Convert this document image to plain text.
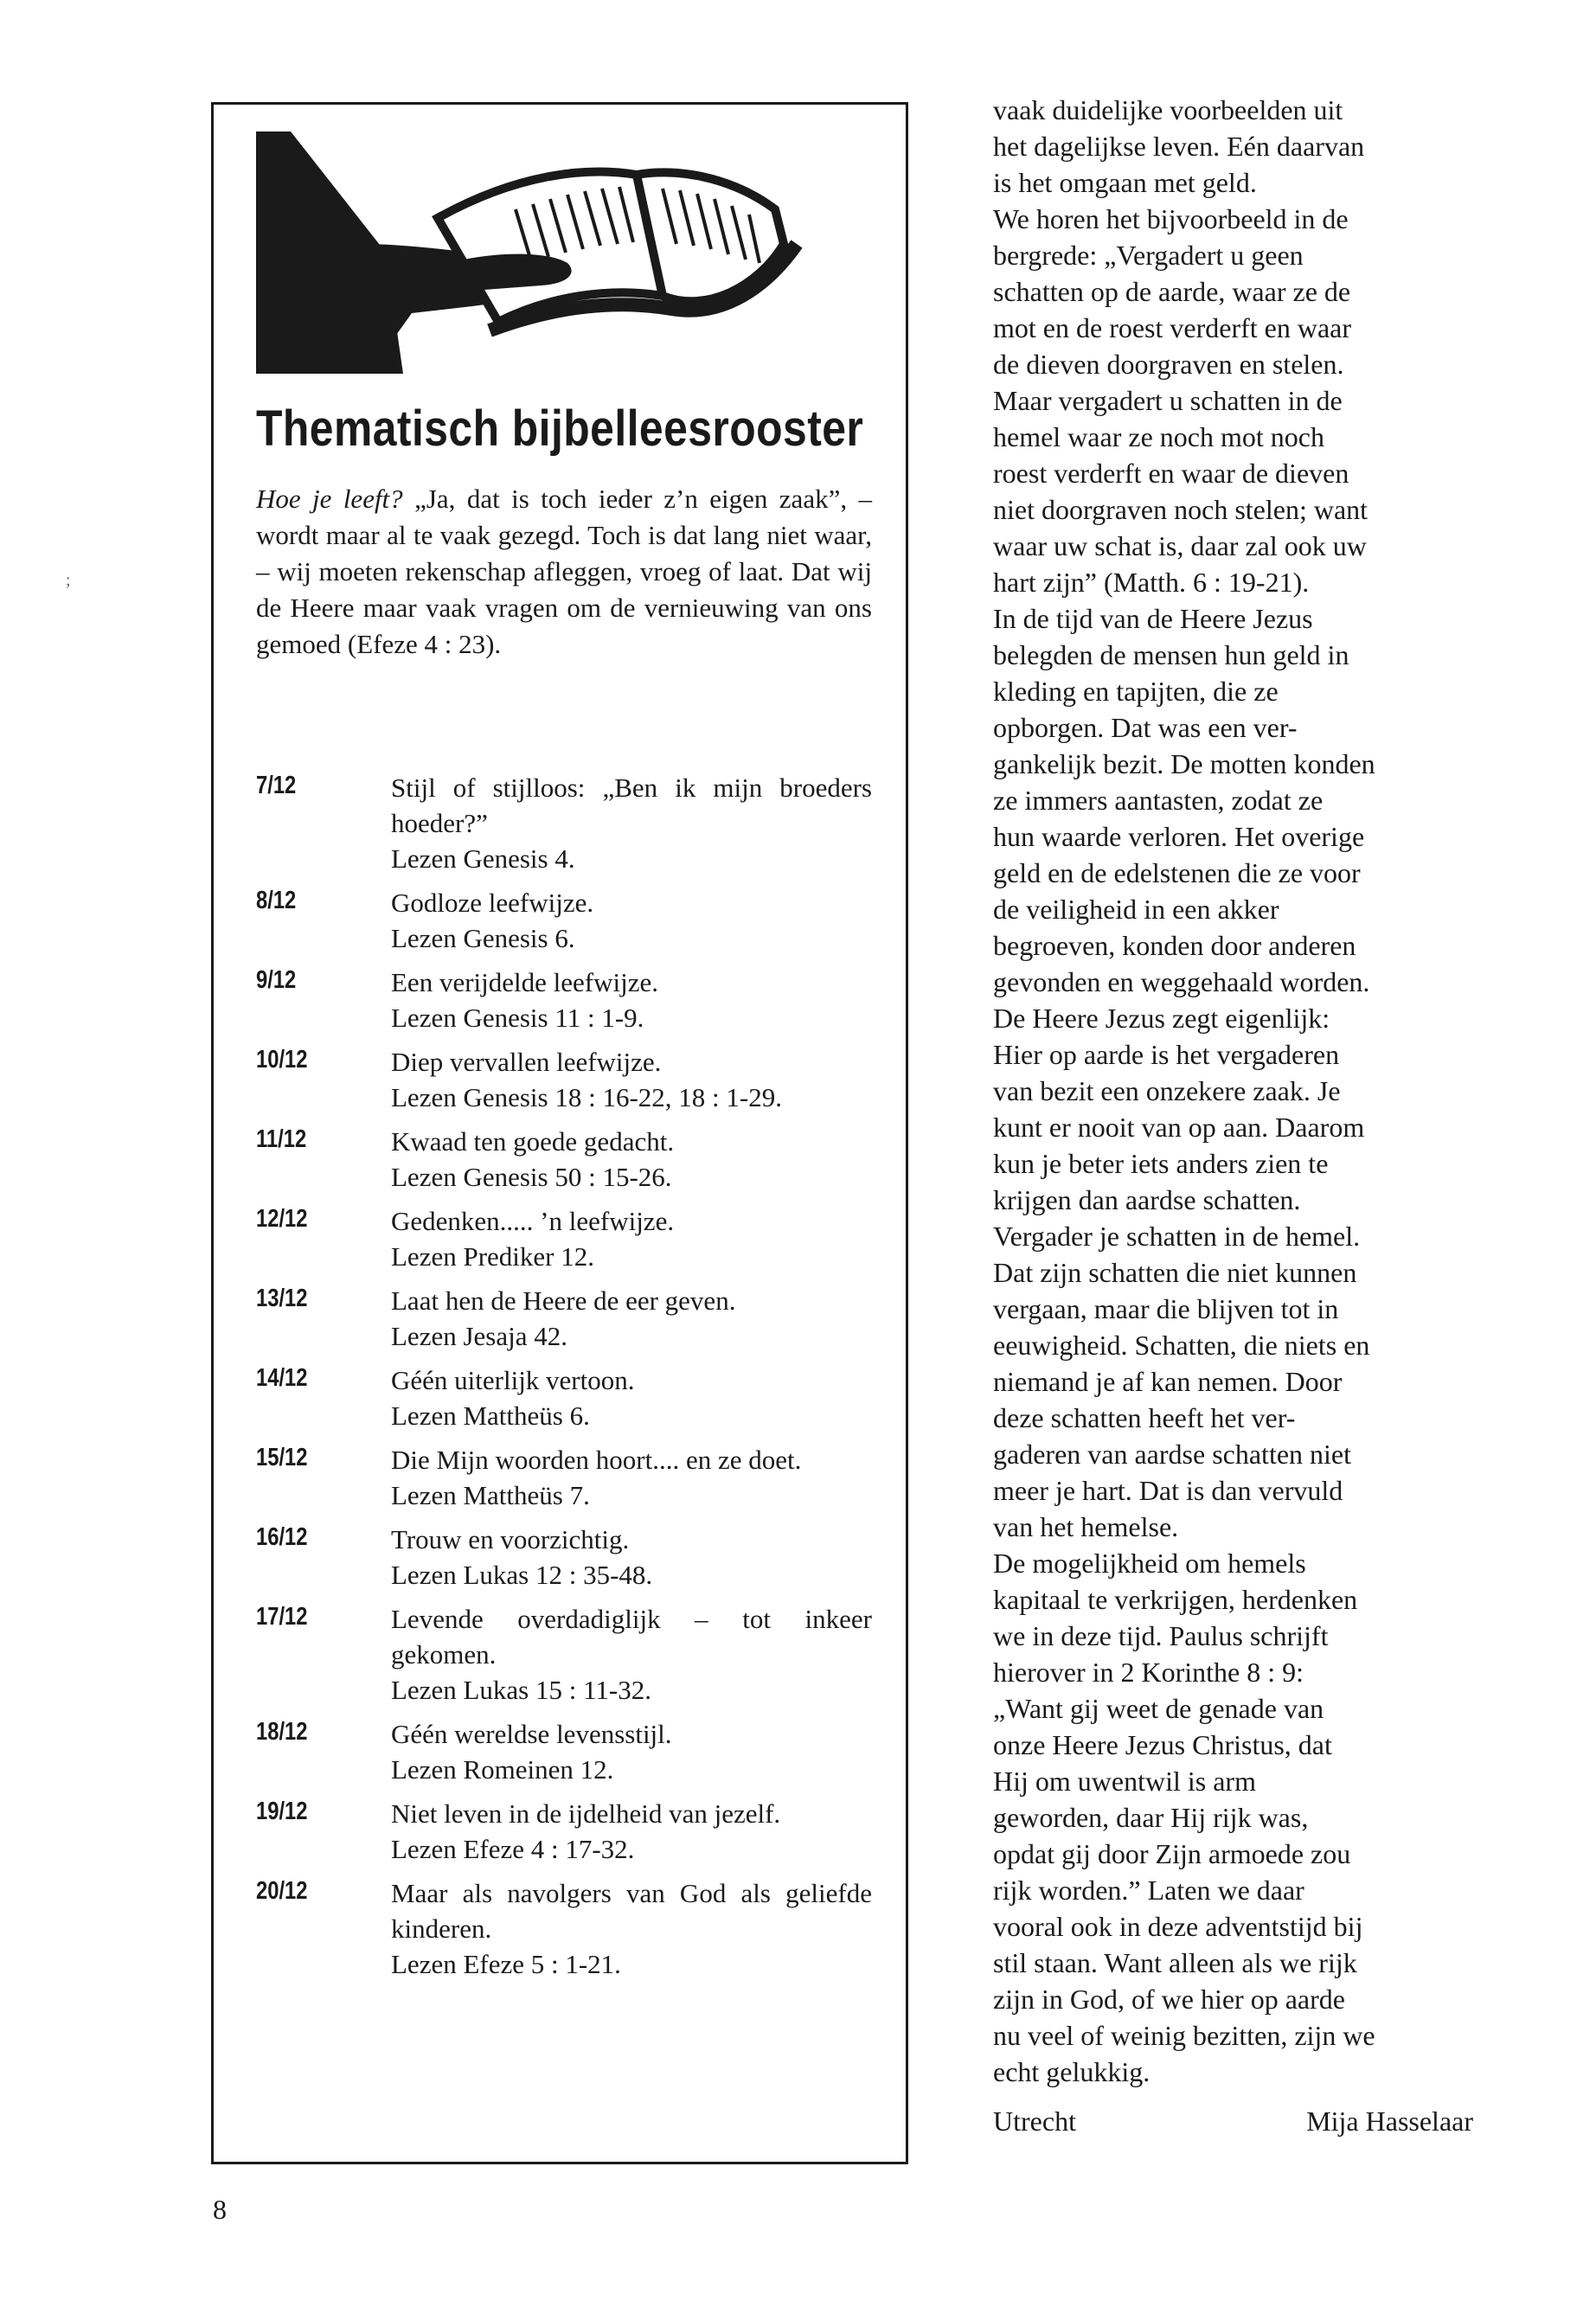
Thematisch bijbelleesrooster
Hoe je leeft? „Ja, dat is toch ieder z’n eigen zaak”, – wordt maar al te vaak gezegd. Toch is dat lang niet waar, – wij moeten rekenschap afleggen, vroeg of laat. Dat wij de Heere maar vaak vragen om de vernieuwing van ons gemoed (Efeze 4 : 23).
7/12	Stijl of stijlloos: „Ben ik mijn broeders hoeder?”
Lezen Genesis 4.
8/12	Godloze leefwijze.
Lezen Genesis 6.
9/12	Een verijdelde leefwijze.
Lezen Genesis 11 : 1-9.
10/12	Diep vervallen leefwijze.
Lezen Genesis 18 : 16-22, 18 : 1-29.
11/12	Kwaad ten goede gedacht.
Lezen Genesis 50 : 15-26.
12/12	Gedenken..... ’n leefwijze.
Lezen Prediker 12.
13/12	Laat hen de Heere de eer geven.
Lezen Jesaja 42.
14/12	Géén uiterlijk vertoon.
Lezen Mattheüs 6.
15/12	Die Mijn woorden hoort.... en ze doet.
Lezen Mattheüs 7.
16/12	Trouw en voorzichtig.
Lezen Lukas 12 : 35-48.
17/12	Levende overdadiglijk – tot inkeer gekomen.
Lezen Lukas 15 : 11-32.
18/12	Géén wereldse levensstijl.
Lezen Romeinen 12.
19/12	Niet leven in de ijdelheid van jezelf.
Lezen Efeze 4 : 17-32.
20/12	Maar als navolgers van God als geliefde kinderen.
Lezen Efeze 5 : 1-21.

vaak duidelijke voorbeelden uit

het dagelijkse leven. Eén daarvan

is het omgaan met geld.

We horen het bijvoorbeeld in de

bergrede: „Vergadert u geen

schatten op de aarde, waar ze de

mot en de roest verderft en waar

de dieven doorgraven en stelen.

Maar vergadert u schatten in de

hemel waar ze noch mot noch

roest verderft en waar de dieven

niet doorgraven noch stelen; want

waar uw schat is, daar zal ook uw

hart zijn” (Matth. 6 : 19-21).

In de tijd van de Heere Jezus

belegden de mensen hun geld in

kleding en tapijten, die ze

opborgen. Dat was een ver-

gankelijk bezit. De motten konden

ze immers aantasten, zodat ze

hun waarde verloren. Het overige

geld en de edelstenen die ze voor

de veiligheid in een akker

begroeven, konden door anderen

gevonden en weggehaald worden.

De Heere Jezus zegt eigenlijk:

Hier op aarde is het vergaderen

van bezit een onzekere zaak. Je

kunt er nooit van op aan. Daarom

kun je beter iets anders zien te

krijgen dan aardse schatten.

Vergader je schatten in de hemel.

Dat zijn schatten die niet kunnen

vergaan, maar die blijven tot in

eeuwigheid. Schatten, die niets en

niemand je af kan nemen. Door

deze schatten heeft het ver-

gaderen van aardse schatten niet

meer je hart. Dat is dan vervuld

van het hemelse.

De mogelijkheid om hemels

kapitaal te verkrijgen, herdenken

we in deze tijd. Paulus schrijft

hierover in 2 Korinthe 8 : 9:

„Want gij weet de genade van

onze Heere Jezus Christus, dat

Hij om uwentwil is arm

geworden, daar Hij rijk was,

opdat gij door Zijn armoede zou

rijk worden.” Laten we daar

vooral ook in deze adventstijd bij

stil staan. Want alleen als we rijk

zijn in God, of we hier op aarde

nu veel of weinig bezitten, zijn we

echt gelukkig.

Utrecht	Mija Hasselaar
8
;
